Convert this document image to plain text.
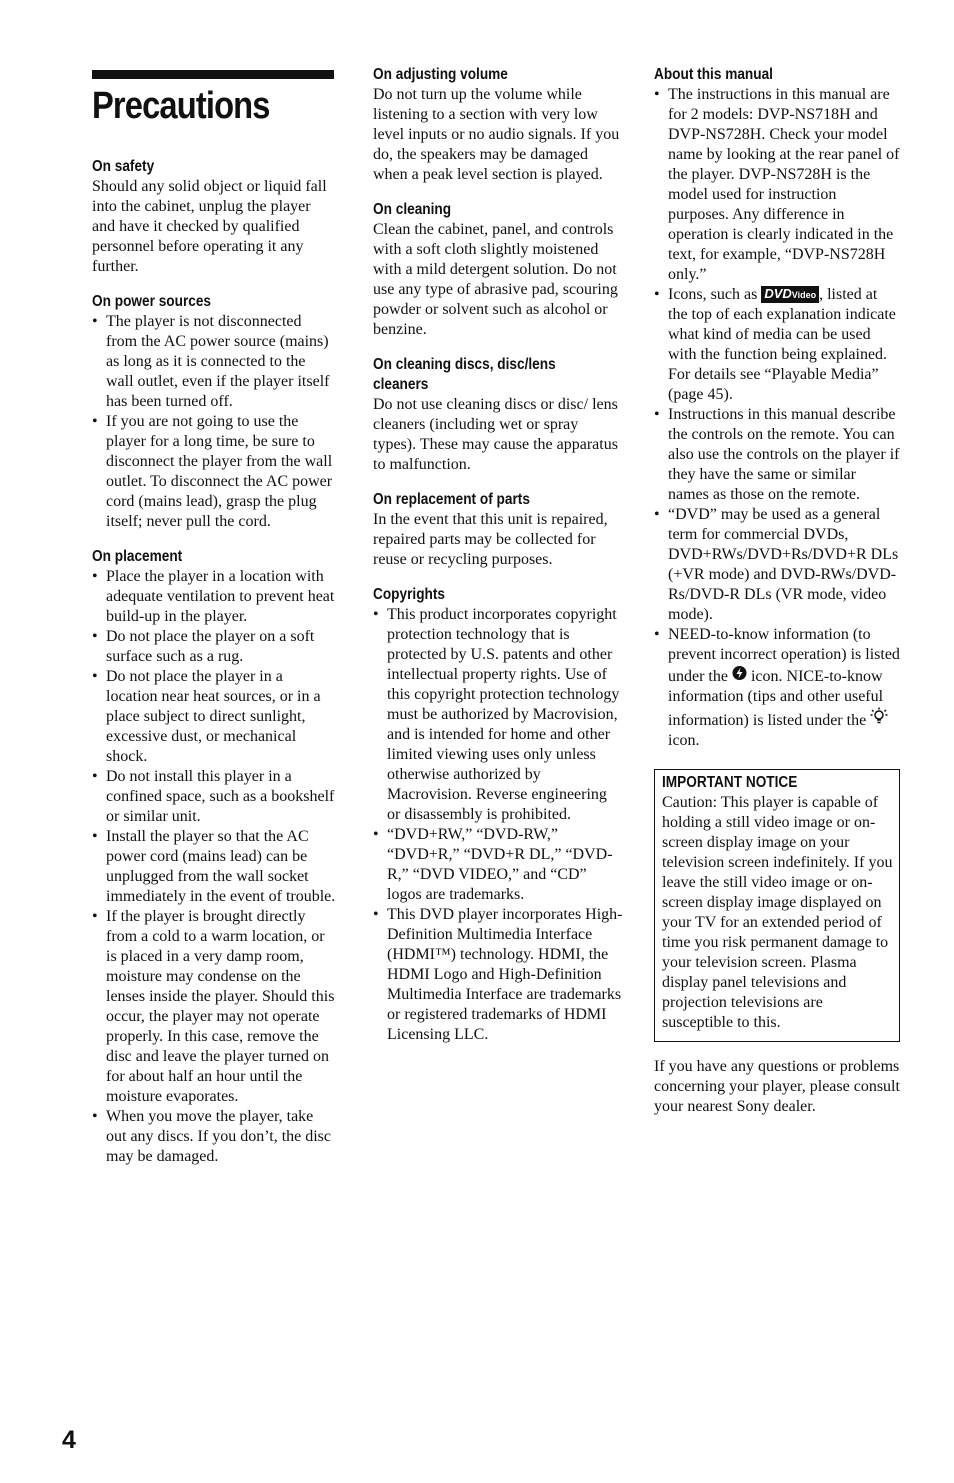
Precautions

On safety

Should any solid object or liquid fall into the cabinet, unplug the player and have it checked by qualified personnel before operating it any further.

On power sources

• The player is not disconnected from the AC power source (mains) as long as it is connected to the wall outlet, even if the player itself has been turned off.
• If you are not going to use the player for a long time, be sure to disconnect the player from the wall outlet. To disconnect the AC power cord (mains lead), grasp the plug itself; never pull the cord.

On placement

• Place the player in a location with adequate ventilation to prevent heat build-up in the player.
• Do not place the player on a soft surface such as a rug.
• Do not place the player in a location near heat sources, or in a place subject to direct sunlight, excessive dust, or mechanical shock.
• Do not install this player in a confined space, such as a bookshelf or similar unit.
• Install the player so that the AC power cord (mains lead) can be unplugged from the wall socket immediately in the event of trouble.
• If the player is brought directly from a cold to a warm location, or is placed in a very damp room, moisture may condense on the lenses inside the player. Should this occur, the player may not operate properly. In this case, remove the disc and leave the player turned on for about half an hour until the moisture evaporates.
• When you move the player, take out any discs. If you don’t, the disc may be damaged.

On adjusting volume

Do not turn up the volume while listening to a section with very low level inputs or no audio signals. If you do, the speakers may be damaged when a peak level section is played.

On cleaning

Clean the cabinet, panel, and controls with a soft cloth slightly moistened with a mild detergent solution. Do not use any type of abrasive pad, scouring powder or solvent such as alcohol or benzine.

On cleaning discs, disc/lens cleaners

Do not use cleaning discs or disc/ lens cleaners (including wet or spray types). These may cause the apparatus to malfunction.

On replacement of parts

In the event that this unit is repaired, repaired parts may be collected for reuse or recycling purposes.

Copyrights

• This product incorporates copyright protection technology that is protected by U.S. patents and other intellectual property rights. Use of this copyright protection technology must be authorized by Macrovision, and is intended for home and other limited viewing uses only unless otherwise authorized by Macrovision. Reverse engineering or disassembly is prohibited.
• “DVD+RW,” “DVD-RW,” “DVD+R,” “DVD+R DL,” “DVD-R,” “DVD VIDEO,” and “CD” logos are trademarks.
• This DVD player incorporates High-Definition Multimedia Interface (HDMI™) technology. HDMI, the HDMI Logo and High-Definition Multimedia Interface are trademarks or registered trademarks of HDMI Licensing LLC.

About this manual

• The instructions in this manual are for 2 models: DVP-NS718H and DVP-NS728H. Check your model name by looking at the rear panel of the player. DVP-NS728H is the model used for instruction purposes. Any difference in operation is clearly indicated in the text, for example, “DVP-NS728H only.”
• Icons, such as DVDVideo , listed at the top of each explanation indicate what kind of media can be used with the function being explained.
For details see “Playable Media” (page 45).
• Instructions in this manual describe the controls on the remote. You can also use the controls on the player if they have the same or similar names as those on the remote.
• “DVD” may be used as a general term for commercial DVDs, DVD+RWs/DVD+Rs/DVD+R DLs (+VR mode) and DVD-RWs/DVD-Rs/DVD-R DLs (VR mode, video mode).
• NEED-to-know information (to prevent incorrect operation) is listed under the icon. NICE-to-know information (tips and other useful information) is listed under the  icon.

IMPORTANT NOTICE

Caution: This player is capable of holding a still video image or on-screen display image on your television screen indefinitely. If you leave the still video image or on-screen display image displayed on your TV for an extended period of time you risk permanent damage to your television screen. Plasma display panel televisions and projection televisions are susceptible to this.

If you have any questions or problems concerning your player, please consult your nearest Sony dealer.

4
